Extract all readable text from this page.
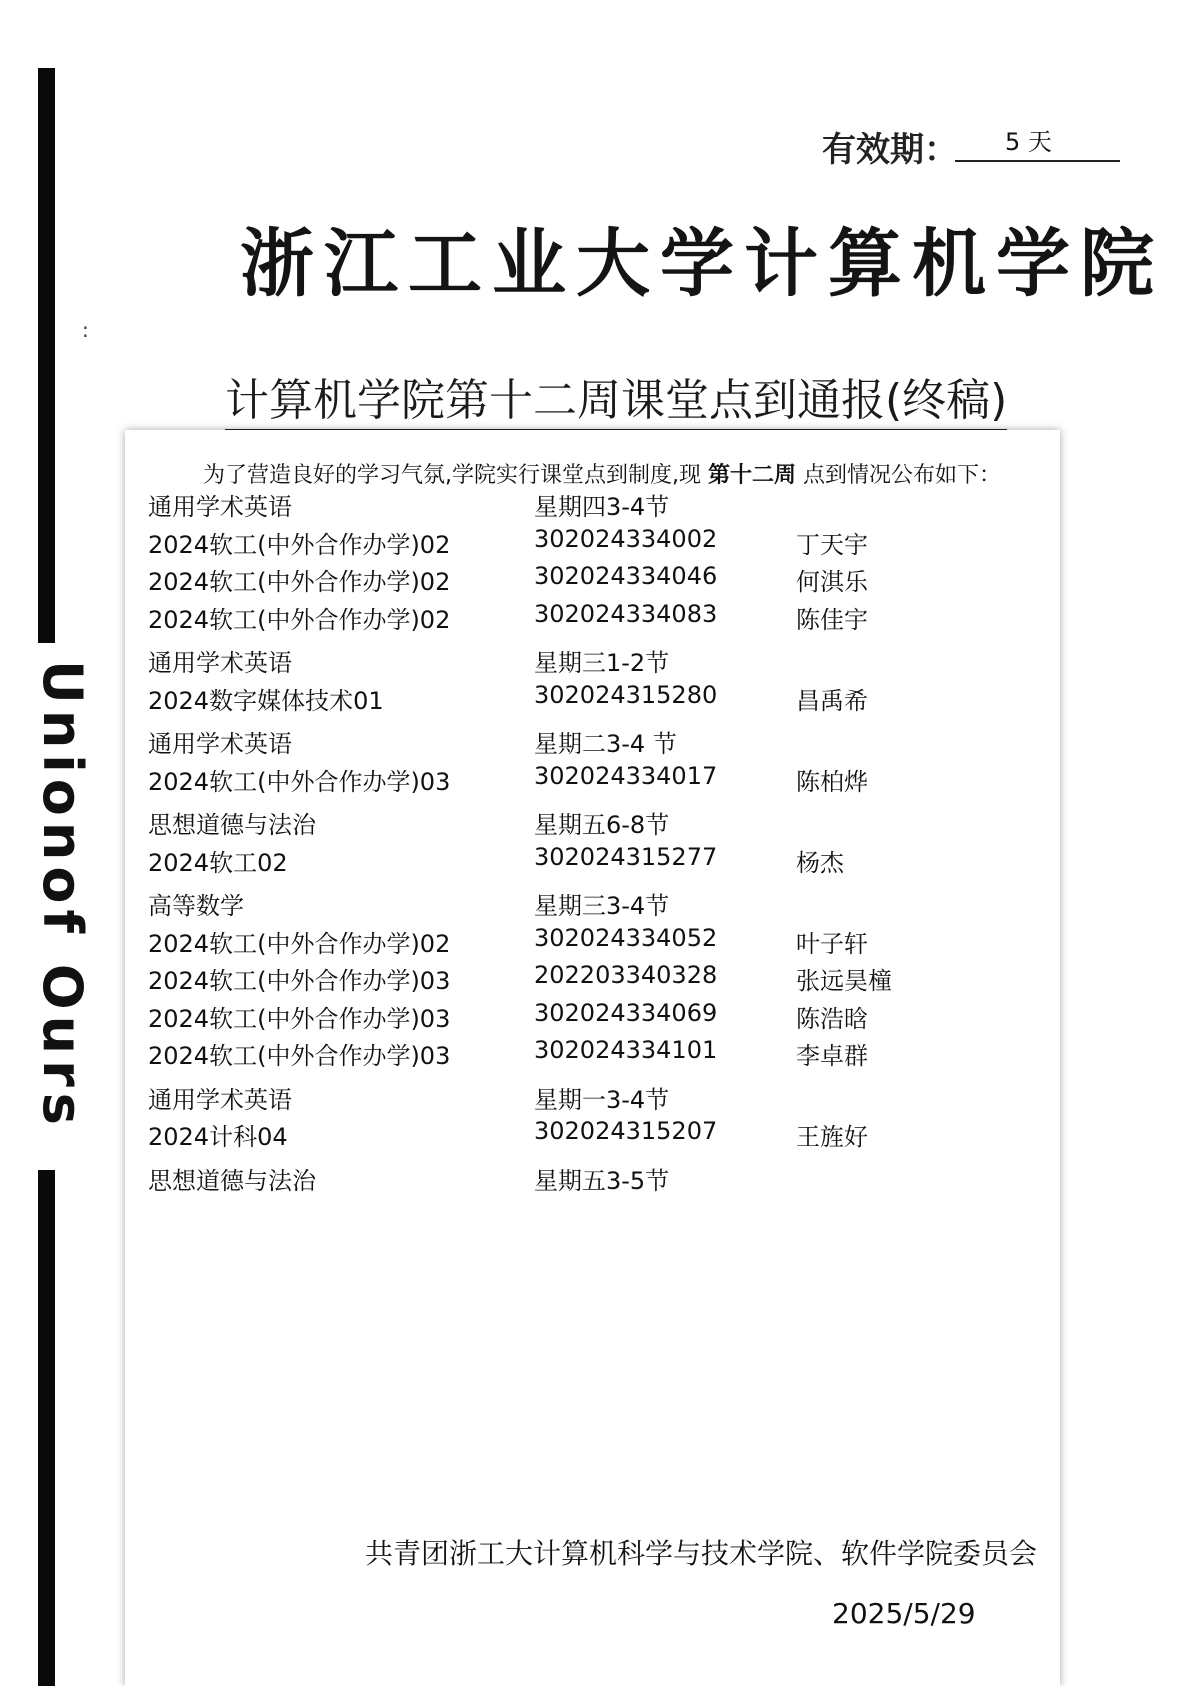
Unionof Ours
有效期：	5 天
浙江工业大学计算机学院
:
计算机学院第十二周课堂点到通报(终稿)
为了营造良好的学习气氛,学院实行课堂点到制度,现 第十二周 点到情况公布如下：
通用学术英语	星期四3-4节
2024软工(中外合作办学)02	302024334002	丁天宇
2024软工(中外合作办学)02	302024334046	何淇乐
2024软工(中外合作办学)02	302024334083	陈佳宇
通用学术英语	星期三1-2节
2024数字媒体技术01	302024315280	昌禹希
通用学术英语	星期二3-4 节
2024软工(中外合作办学)03	302024334017	陈柏烨
思想道德与法治	星期五6-8节
2024软工02	302024315277	杨杰
高等数学	星期三3-4节
2024软工(中外合作办学)02	302024334052	叶子轩
2024软工(中外合作办学)03	202203340328	张远昊橦
2024软工(中外合作办学)03	302024334069	陈浩晗
2024软工(中外合作办学)03	302024334101	李卓群
通用学术英语	星期一3-4节
2024计科04	302024315207	王旌好
思想道德与法治	星期五3-5节
共青团浙工大计算机科学与技术学院、软件学院委员会
2025/5/29
